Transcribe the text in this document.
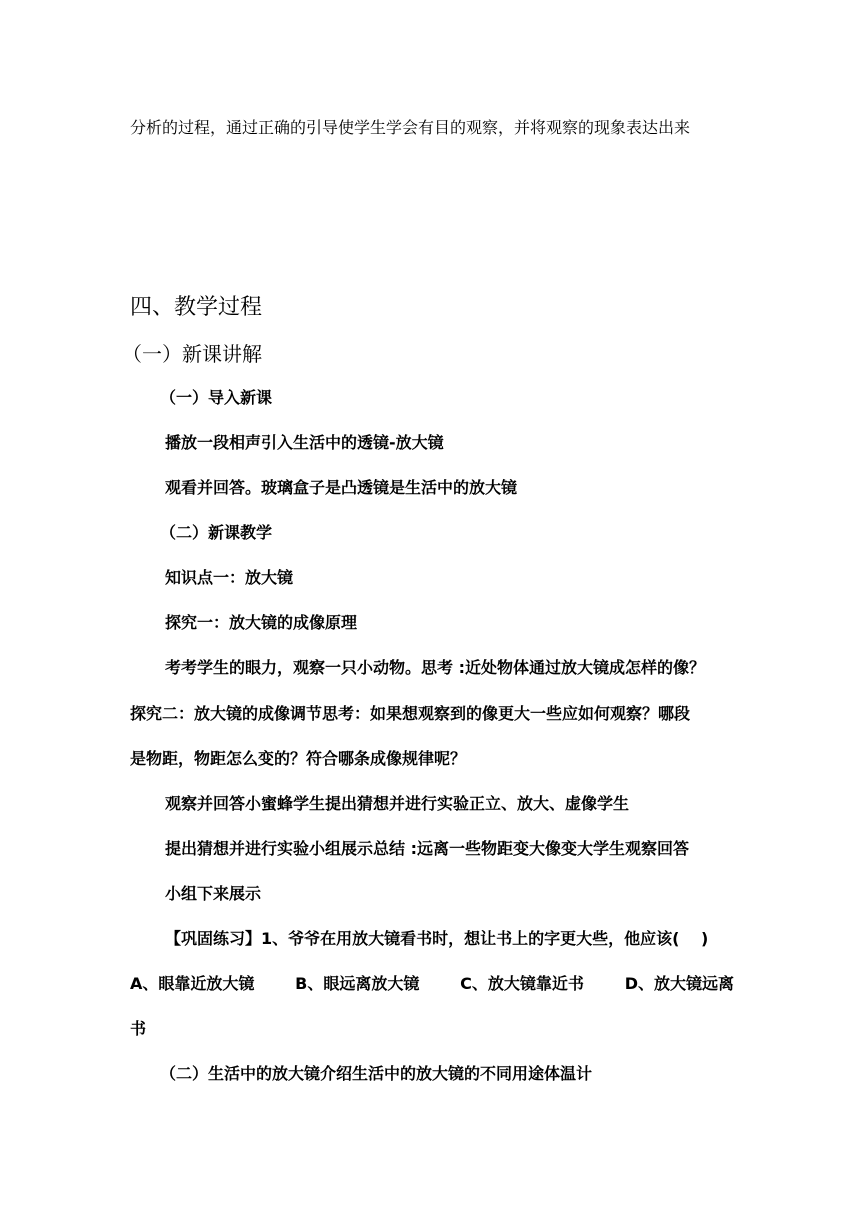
分析的过程，通过正确的引导使学生学会有目的观察，并将观察的现象表达出来
四、教学过程
（一）新课讲解
（一）导入新课
播放一段相声引入生活中的透镜-放大镜
观看并回答。玻璃盒子是凸透镜是生活中的放大镜
（二）新课教学
知识点一：放大镜
探究一：放大镜的成像原理
考考学生的眼力，观察一只小动物。思考 :近处物体通过放大镜成怎样的像？
探究二：放大镜的成像调节思考：如果想观察到的像更大一些应如何观察？哪段
是物距，物距怎么变的？符合哪条成像规律呢？
观察并回答小蜜蜂学生提出猜想并进行实验正立、放大、虚像学生
提出猜想并进行实验小组展示总结 :远离一些物距变大像变大学生观察回答
小组下来展示
【巩固练习】1、爷爷在用放大镜看书时，想让书上的字更大些，他应该(　 )
A、眼靠近放大镜	B、眼远离放大镜	C、放大镜靠近书	D、放大镜远离
书
（二）生活中的放大镜介绍生活中的放大镜的不同用途体温计
